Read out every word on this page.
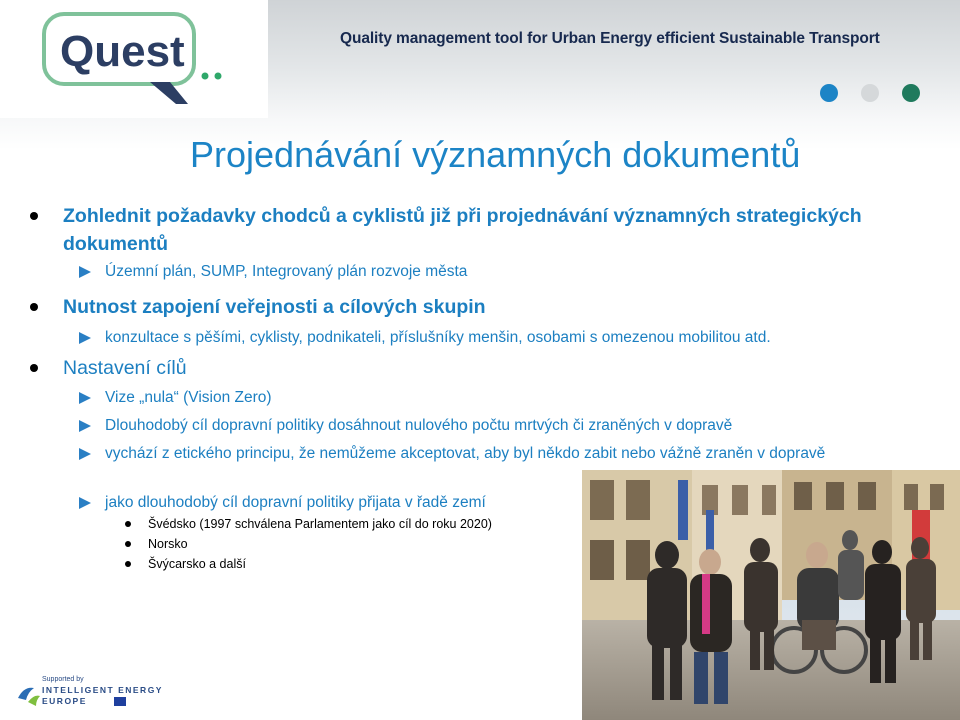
Quest	Quality management tool for Urban Energy efficient Sustainable Transport
Projednávání významných dokumentů
Zohlednit požadavky chodců a cyklistů již při projednávání významných strategických dokumentů
Územní plán, SUMP, Integrovaný plán rozvoje města
Nutnost zapojení veřejnosti a cílových skupin
konzultace s pěšími, cyklisty, podnikateli, příslušníky menšin, osobami s omezenou mobilitou atd.
Nastavení cílů
Vize „nula“ (Vision Zero)
Dlouhodobý cíl dopravní politiky dosáhnout nulového počtu mrtvých či zraněných v dopravě
vychází z etického principu, že nemůžeme akceptovat, aby byl někdo zabit nebo vážně zraněn v dopravě
jako dlouhodobý cíl dopravní politiky přijata v řadě zemí
Švédsko (1997 schválena Parlamentem jako cíl do roku 2020)
Norsko
Švýcarsko a další
Supported by
INTELLIGENT ENERGY
EUROPE
